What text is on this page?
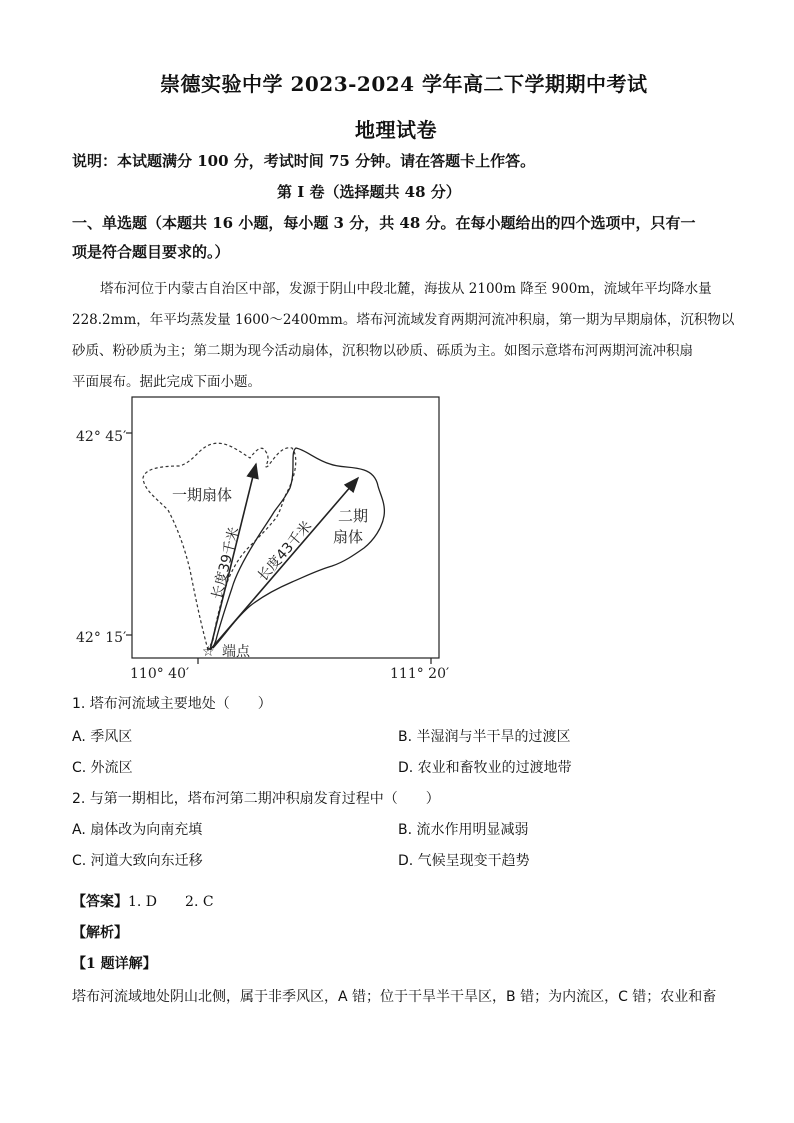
崇德实验中学 2023-2024 学年高二下学期期中考试
地理试卷
说明：本试题满分 100 分，考试时间 75 分钟。请在答题卡上作答。
第 I 卷（选择题共 48 分）
一、单选题（本题共 16 小题，每小题 3 分，共 48 分。在每小题给出的四个选项中，只有一
项是符合题目要求的。）
塔布河位于内蒙古自治区中部，发源于阴山中段北麓，海拔从 2100m 降至 900m，流域年平均降水量
228.2mm，年平均蒸发量 1600～2400mm。塔布河流域发育两期河流冲积扇，第一期为早期扇体，沉积物以
砂质、粉砂质为主；第二期为现今活动扇体，沉积物以砂质、砾质为主。如图示意塔布河两期河流冲积扇
平面展布。据此完成下面小题。
42° 45′
42° 15′
110° 40′	111° 20′
一期扇体
二期
扇体
长度39千米 长度43千米
☆ 端点
1. 塔布河流域主要地处（　　）
A. 季风区	B. 半湿润与半干旱的过渡区
C. 外流区	D. 农业和畜牧业的过渡地带
2. 与第一期相比，塔布河第二期冲积扇发育过程中（　　）
A. 扇体改为向南充填	B. 流水作用明显减弱
C. 河道大致向东迁移	D. 气候呈现变干趋势
【答案】1. D　　2. C
【解析】
【1 题详解】
塔布河流域地处阴山北侧，属于非季风区，A 错；位于干旱半干旱区，B 错；为内流区，C 错；农业和畜
